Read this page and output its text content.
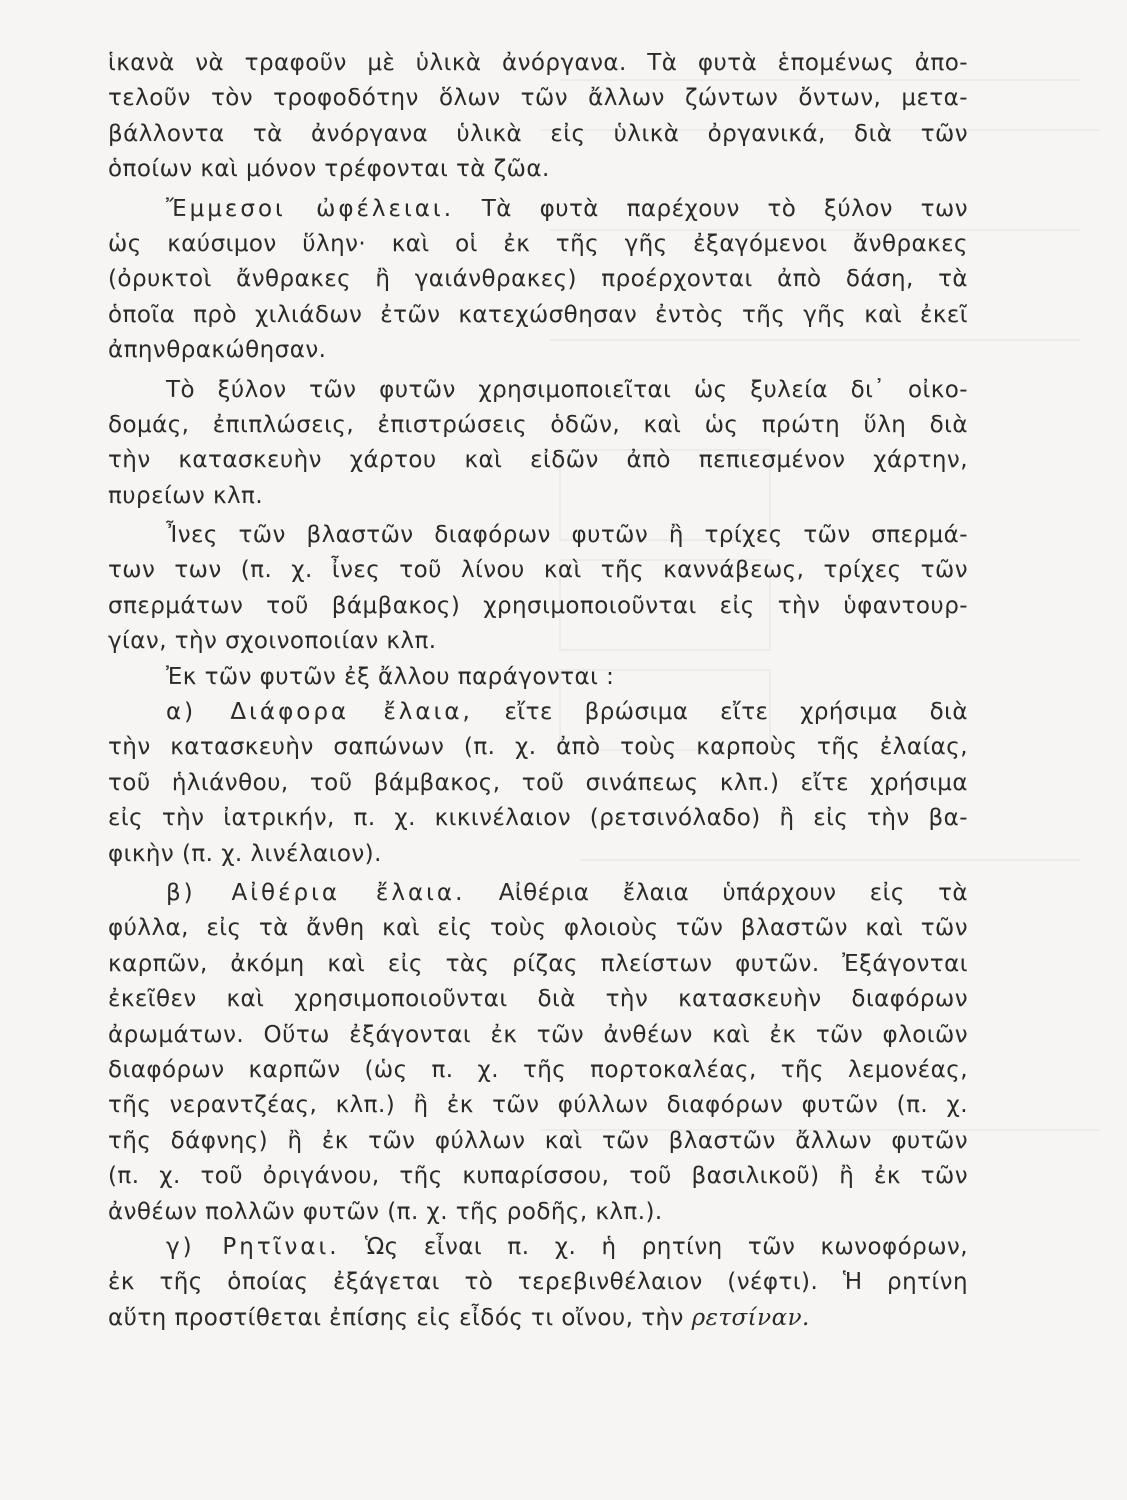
ἱκανὰ νὰ τραφοῦν μὲ ὑλικὰ ἀνόργανα. Τὰ φυτὰ ἑπομένως ἀπο-
τελοῦν τὸν τροφοδότην ὅλων τῶν ἄλλων ζώντων ὄντων, μετα-
βάλλοντα τὰ ἀνόργανα ὑλικὰ εἰς ὑλικὰ ὀργανικά, διὰ τῶν
ὁποίων καὶ μόνον τρέφονται τὰ ζῶα.
Ἔμμεσοι ὠφέλειαι. Τὰ φυτὰ παρέχουν τὸ ξύλον των
ὡς καύσιμον ὕλην· καὶ οἱ ἐκ τῆς γῆς ἐξαγόμενοι ἄνθρακες
(ὀρυκτοὶ ἄνθρακες ἢ γαιάνθρακες) προέρχονται ἀπὸ δάση, τὰ
ὁποῖα πρὸ χιλιάδων ἐτῶν κατεχώσθησαν ἐντὸς τῆς γῆς καὶ ἐκεῖ
ἀπηνθρακώθησαν.
Τὸ ξύλον τῶν φυτῶν χρησιμοποιεῖται ὡς ξυλεία δι᾽ οἰκο-
δομάς, ἐπιπλώσεις, ἐπιστρώσεις ὁδῶν, καὶ ὡς πρώτη ὕλη διὰ
τὴν κατασκευὴν χάρτου καὶ εἰδῶν ἀπὸ πεπιεσμένον χάρτην,
πυρείων κλπ.
Ἶνες τῶν βλαστῶν διαφόρων φυτῶν ἢ τρίχες τῶν σπερμά-
των των (π. χ. ἶνες τοῦ λίνου καὶ τῆς καννάβεως, τρίχες τῶν
σπερμάτων τοῦ βάμβακος) χρησιμοποιοῦνται εἰς τὴν ὑφαντουρ-
γίαν, τὴν σχοινοποιίαν κλπ.
Ἐκ τῶν φυτῶν ἐξ ἄλλου παράγονται :
α) Διάφορα ἔλαια, εἴτε βρώσιμα εἴτε χρήσιμα διὰ
τὴν κατασκευὴν σαπώνων (π. χ. ἀπὸ τοὺς καρποὺς τῆς ἐλαίας,
τοῦ ἡλιάνθου, τοῦ βάμβακος, τοῦ σινάπεως κλπ.) εἴτε χρήσιμα
εἰς τὴν ἰατρικήν, π. χ. κικινέλαιον (ρετσινόλαδο) ἢ εἰς τὴν βα-
φικὴν (π. χ. λινέλαιον).
β) Αἰθέρια ἔλαια. Αἰθέρια ἔλαια ὑπάρχουν εἰς τὰ
φύλλα, εἰς τὰ ἄνθη καὶ εἰς τοὺς φλοιοὺς τῶν βλαστῶν καὶ τῶν
καρπῶν, ἀκόμη καὶ εἰς τὰς ρίζας πλείστων φυτῶν. Ἐξάγονται
ἐκεῖθεν καὶ χρησιμοποιοῦνται διὰ τὴν κατασκευὴν διαφόρων
ἀρωμάτων. Οὕτω ἐξάγονται ἐκ τῶν ἀνθέων καὶ ἐκ τῶν φλοιῶν
διαφόρων καρπῶν (ὡς π. χ. τῆς πορτοκαλέας, τῆς λεμονέας,
τῆς νεραντζέας, κλπ.) ἢ ἐκ τῶν φύλλων διαφόρων φυτῶν (π. χ.
τῆς δάφνης) ἢ ἐκ τῶν φύλλων καὶ τῶν βλαστῶν ἄλλων φυτῶν
(π. χ. τοῦ ὀριγάνου, τῆς κυπαρίσσου, τοῦ βασιλικοῦ) ἢ ἐκ τῶν
ἀνθέων πολλῶν φυτῶν (π. χ. τῆς ροδῆς, κλπ.).
γ) Ρητῖναι. Ὡς εἶναι π. χ. ἡ ρητίνη τῶν κωνοφόρων,
ἐκ τῆς ὁποίας ἐξάγεται τὸ τερεβινθέλαιον (νέφτι). Ἡ ρητίνη
αὕτη προστίθεται ἐπίσης εἰς εἶδός τι οἴνου, τὴν ρετσίναν.
